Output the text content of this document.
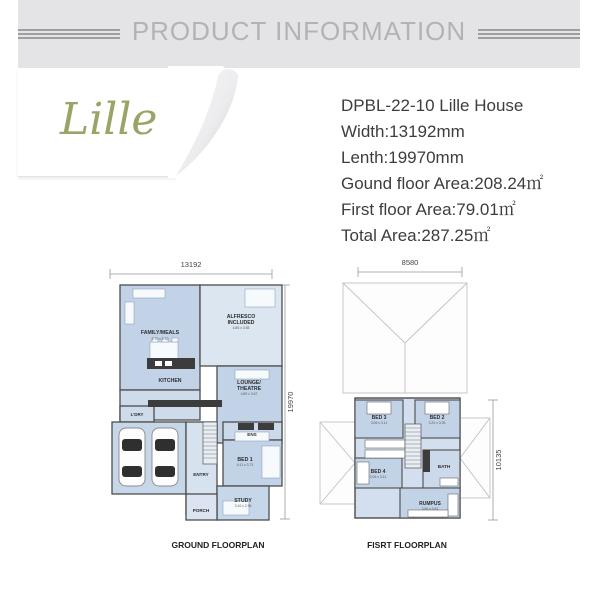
PRODUCT INFORMATION
Lille	DPBL-22-10 Lille House

Width:13192mm

Lenth:19970mm

Gound floor Area:208.24㎡

First floor Area:79.01㎡

Total Area:287.25㎡

13192
19970
FAMILY/MEALS
ALFRESCO
INCLUDED
KITCHEN	LOUNGE/
THEATRE
L'DRY
ENTRY
ENS
BED 1
STUDY
PORCH
4.70 x 5.10
4.85 x 3.55
4.89 x 3.67
4.11 x 3.73
3.10 x 2.96
GROUND FLOORPLAN
8580
10135
BED 3	BED 2
BED 4
BATH
RUMPUS
3.06 x 3.11	3.29 x 3.05
3.06 x 3.11
3.96 x 3.61
FISRT FLOORPLAN
